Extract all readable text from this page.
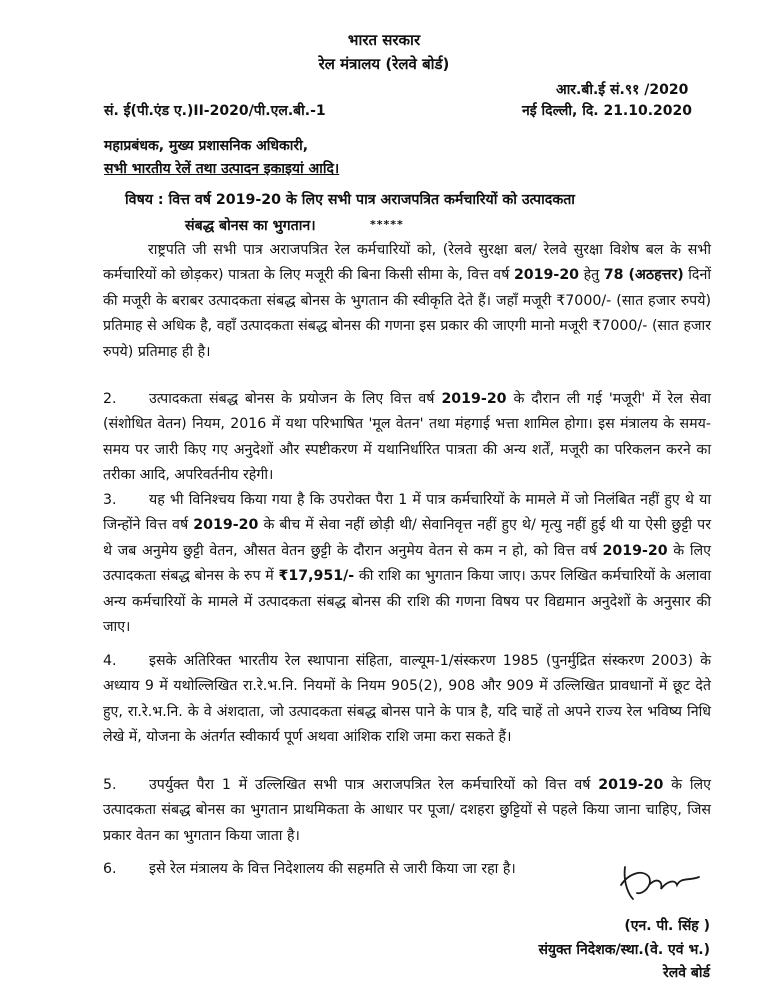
भारत सरकार
रेल मंत्रालय (रेलवे बोर्ड)
आर.बी.ई सं.९१ /2020
सं. ई(पी.एंड ए.)II-2020/पी.एल.बी.-1	नई दिल्ली, दि. 21.10.2020
महाप्रबंधक, मुख्य प्रशासनिक अधिकारी,
सभी भारतीय रेलें तथा उत्पादन इकाइयां आदि।
विषय : वित्त वर्ष 2019-20 के लिए सभी पात्र अराजपत्रित कर्मचारियों को उत्पादकता
संबद्ध बोनस का भुगतान।	*****
राष्ट्रपति जी सभी पात्र अराजपत्रित रेल कर्मचारियों को, (रेलवे सुरक्षा बल/ रेलवे सुरक्षा विशेष बल के सभी कर्मचारियों को छोड़कर) पात्रता के लिए मजूरी की बिना किसी सीमा के, वित्त वर्ष 2019-20 हेतु 78 (अठहत्तर) दिनों की मजूरी के बराबर उत्पादकता संबद्ध बोनस के भुगतान की स्वीकृति देते हैं। जहाँ मजूरी ₹7000/- (सात हजार रुपये) प्रतिमाह से अधिक है, वहाँ उत्पादकता संबद्ध बोनस की गणना इस प्रकार की जाएगी मानो मजूरी ₹7000/- (सात हजार रुपये) प्रतिमाह ही है।
2. उत्पादकता संबद्ध बोनस के प्रयोजन के लिए वित्त वर्ष 2019-20 के दौरान ली गई 'मजूरी' में रेल सेवा (संशोधित वेतन) नियम, 2016 में यथा परिभाषित 'मूल वेतन' तथा मंहगाई भत्ता शामिल होगा। इस मंत्रालय के समय-समय पर जारी किए गए अनुदेशों और स्पष्टीकरण में यथानिर्धारित पात्रता की अन्य शर्तें, मजूरी का परिकलन करने का तरीका आदि, अपरिवर्तनीय रहेगी।
3. यह भी विनिश्चय किया गया है कि उपरोक्त पैरा 1 में पात्र कर्मचारियों के मामले में जो निलंबित नहीं हुए थे या जिन्होंने वित्त वर्ष 2019-20 के बीच में सेवा नहीं छोड़ी थी/ सेवानिवृत्त नहीं हुए थे/ मृत्यु नहीं हुई थी या ऐसी छुट्टी पर थे जब अनुमेय छुट्टी वेतन, औसत वेतन छुट्टी के दौरान अनुमेय वेतन से कम न हो, को वित्त वर्ष 2019-20 के लिए उत्पादकता संबद्ध बोनस के रुप में ₹17,951/- की राशि का भुगतान किया जाए। ऊपर लिखित कर्मचारियों के अलावा अन्य कर्मचारियों के मामले में उत्पादकता संबद्ध बोनस की राशि की गणना विषय पर विद्यमान अनुदेशों के अनुसार की जाए।
4. इसके अतिरिक्त भारतीय रेल स्थापाना संहिता, वाल्यूम-1/संस्करण 1985 (पुनर्मुद्रित संस्करण 2003) के अध्याय 9 में यथोल्लिखित रा.रे.भ.नि. नियमों के नियम 905(2), 908 और 909 में उल्लिखित प्रावधानों में छूट देते हुए, रा.रे.भ.नि. के वे अंशदाता, जो उत्पादकता संबद्ध बोनस पाने के पात्र है, यदि चाहें तो अपने राज्य रेल भविष्य निधि लेखे में, योजना के अंतर्गत स्वीकार्य पूर्ण अथवा आंशिक राशि जमा करा सकते हैं।
5. उपर्युक्त पैरा 1 में उल्लिखित सभी पात्र अराजपत्रित रेल कर्मचारियों को वित्त वर्ष 2019-20 के लिए उत्पादकता संबद्ध बोनस का भुगतान प्राथमिकता के आधार पर पूजा/ दशहरा छुट्टियों से पहले किया जाना चाहिए, जिस प्रकार वेतन का भुगतान किया जाता है।
6. इसे रेल मंत्रालय के वित्त निदेशालय की सहमति से जारी किया जा रहा है।
(एन. पी. सिंह )
संयुक्त निदेशक/स्था.(वे. एवं भ.)
रेलवे बोर्ड
